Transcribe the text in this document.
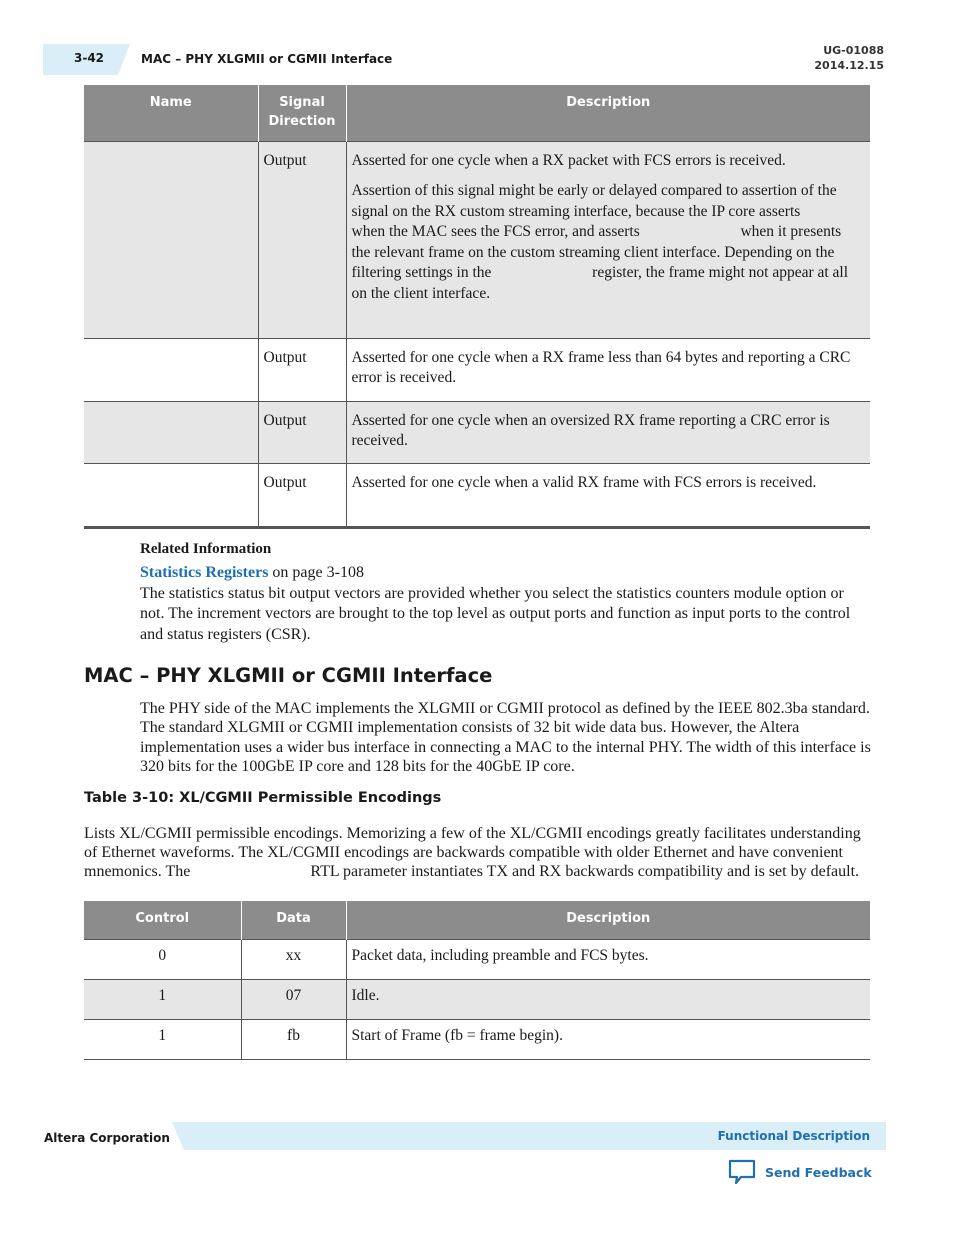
3-42	MAC – PHY XLGMII or CGMII Interface
UG-01088
2014.12.15
Name	Signal Direction	Description
	Output	Asserted for one cycle when a RX packet with FCS errors is received.
Assertion of this signal might be early or delayed compared to assertion of the                          signal on the RX custom streaming interface, because the IP core asserts                          when the MAC sees the FCS error, and asserts                          when it presents the relevant frame on the custom streaming client interface. Depending on the filtering settings in the                          register, the frame might not appear at all on the client interface.

	Output	Asserted for one cycle when a RX frame less than 64 bytes and reporting a CRC error is received.
	Output	Asserted for one cycle when an oversized RX frame reporting a CRC error is received.
	Output	Asserted for one cycle when a valid RX frame with FCS errors is received.
Related Information
Statistics Registers on page 3-108
The statistics status bit output vectors are provided whether you select the statistics counters module option or not. The increment vectors are brought to the top level as output ports and function as input ports to the control and status registers (CSR).
MAC – PHY XLGMII or CGMII Interface
The PHY side of the MAC implements the XLGMII or CGMII protocol as defined by the IEEE 802.3ba standard. The standard XLGMII or CGMII implementation consists of 32 bit wide data bus. However, the Altera implementation uses a wider bus interface in connecting a MAC to the internal PHY. The width of this interface is 320 bits for the 100GbE IP core and 128 bits for the 40GbE IP core.
Table 3-10: XL/CGMII Permissible Encodings
Lists XL/CGMII permissible encodings. Memorizing a few of the XL/CGMII encodings greatly facilitates understanding of Ethernet waveforms. The XL/CGMII encodings are backwards compatible with older Ethernet and have convenient mnemonics. The                              RTL parameter instantiates TX and RX backwards compatibility and is set by default.
Control	Data	Description
0	xx	Packet data, including preamble and FCS bytes.
1	07	Idle.
1	fb	Start of Frame (fb = frame begin).
Altera Corporation	Functional Description
Send Feedback
